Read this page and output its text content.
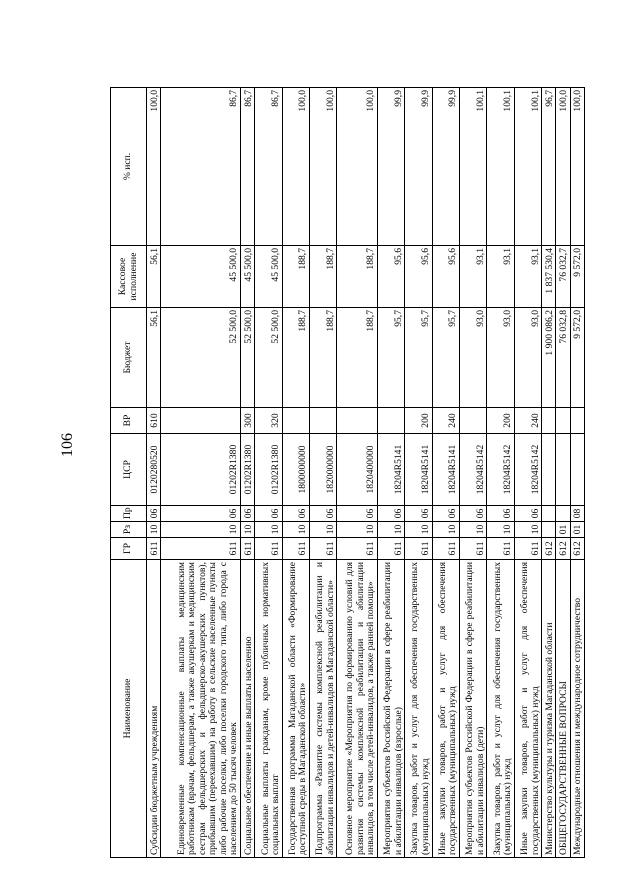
106
Наименование	ГР	Рз	Пр	ЦСР	ВР	Бюджет	Кассовое исполнение	% исп.
Субсидии бюджетным учреждениям	611	10	06	0120280520	610	56,1	56,1	100,0
Единовременные компенсационные выплаты медицинским работникам (врачам, фельдшерам, а также акушеркам и медицинским сестрам фельдшерских и фельдшерско-акушерских пунктов), прибывшим (переехавшим) на работу в сельские населенные пункты либо рабочие поселки, либо поселки городского типа, либо города с населением до 50 тысяч человек	611	10	06	01202R1380		52 500,0	45 500,0	86,7
Социальное обеспечение и иные выплаты населению	611	10	06	01202R1380	300	52 500,0	45 500,0	86,7
Социальные выплаты гражданам, кроме публичных нормативных социальных выплат	611	10	06	01202R1380	320	52 500,0	45 500,0	86,7
Государственная программа Магаданской области «Формирование доступной среды в Магаданской области»	611	10	06	1800000000		188,7	188,7	100,0
Подпрограмма «Развитие системы комплексной реабилитации и абилитации инвалидов и детей-инвалидов в Магаданской области»	611	10	06	1820000000		188,7	188,7	100,0
Основное мероприятие «Мероприятия по формированию условий для развития системы комплексной реабилитации и абилитации инвалидов, в том числе детей-инвалидов, а также ранней помощи»	611	10	06	1820400000		188,7	188,7	100,0
Мероприятия субъектов Российской Федерации в сфере реабилитации и абилитации инвалидов (взрослые)	611	10	06	18204R5141		95,7	95,6	99,9
Закупка товаров, работ и услуг для обеспечения государственных (муниципальных) нужд	611	10	06	18204R5141	200	95,7	95,6	99,9
Иные закупки товаров, работ и услуг для обеспечения государственных (муниципальных) нужд	611	10	06	18204R5141	240	95,7	95,6	99,9
Мероприятия субъектов Российской Федерации в сфере реабилитации и абилитации инвалидов (дети)	611	10	06	18204R5142		93,0	93,1	100,1
Закупка товаров, работ и услуг для обеспечения государственных (муниципальных) нужд	611	10	06	18204R5142	200	93,0	93,1	100,1
Иные закупки товаров, работ и услуг для обеспечения государственных (муниципальных) нужд	611	10	06	18204R5142	240	93,0	93,1	100,1
Министерство культуры и туризма Магаданской области	612					1 900 086,2	1 837 530,4	96,7
ОБЩЕГОСУДАРСТВЕННЫЕ ВОПРОСЫ	612	01				76 032,8	76 032,7	100,0
Международные отношения и международное сотрудничество	612	01	08			9 572,0	9 572,0	100,0
